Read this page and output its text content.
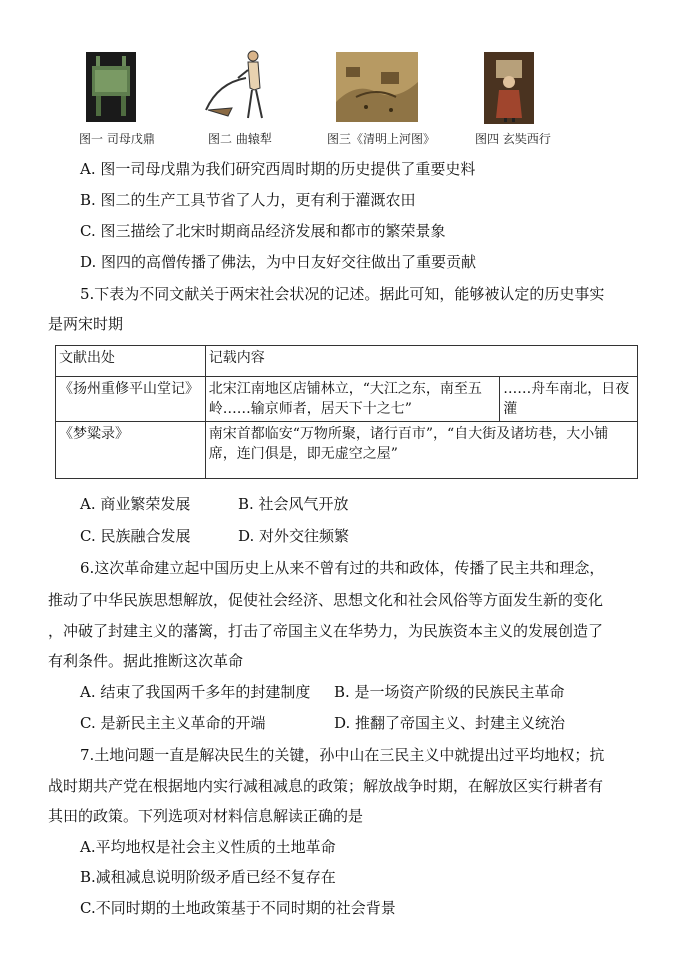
图一 司母戊鼎	图二 曲辕犁	图三《清明上河图》	图四 玄奘西行
A. 图一司母戊鼎为我们研究西周时期的历史提供了重要史料
B. 图二的生产工具节省了人力，更有利于灌溉农田
C. 图三描绘了北宋时期商品经济发展和都市的繁荣景象
D. 图四的高僧传播了佛法，为中日友好交往做出了重要贡献
5.下表为不同文献关于两宋社会状况的记述。据此可知，能够被认定的历史事实
是两宋时期
文献出处	记载内容	
《扬州重修平山堂记》	北宋江南地区店铺林立，“大江之东，南至五岭……输京师者，居天下十之七”	……舟车南北，日夜灌
《梦粱录》	南宋首都临安“万物所聚，诸行百市”，“自大街及诸坊巷，大小铺席，连门俱是，即无虚空之屋”	
A. 商业繁荣发展	B. 社会风气开放
C. 民族融合发展	D. 对外交往频繁
6.这次革命建立起中国历史上从来不曾有过的共和政体，传播了民主共和理念，
推动了中华民族思想解放，促使社会经济、思想文化和社会风俗等方面发生新的变化
，冲破了封建主义的藩篱，打击了帝国主义在华势力，为民族资本主义的发展创造了
有利条件。据此推断这次革命
A. 结束了我国两千多年的封建制度 B. 是一场资产阶级的民族民主革命
C. 是新民主主义革命的开端	D. 推翻了帝国主义、封建主义统治
7.土地问题一直是解决民生的关键，孙中山在三民主义中就提出过平均地权；抗
战时期共产党在根据地内实行减租减息的政策；解放战争时期，在解放区实行耕者有
其田的政策。下列选项对材料信息解读正确的是
A.平均地权是社会主义性质的土地革命
B.减租减息说明阶级矛盾已经不复存在
C.不同时期的土地政策基于不同时期的社会背景
